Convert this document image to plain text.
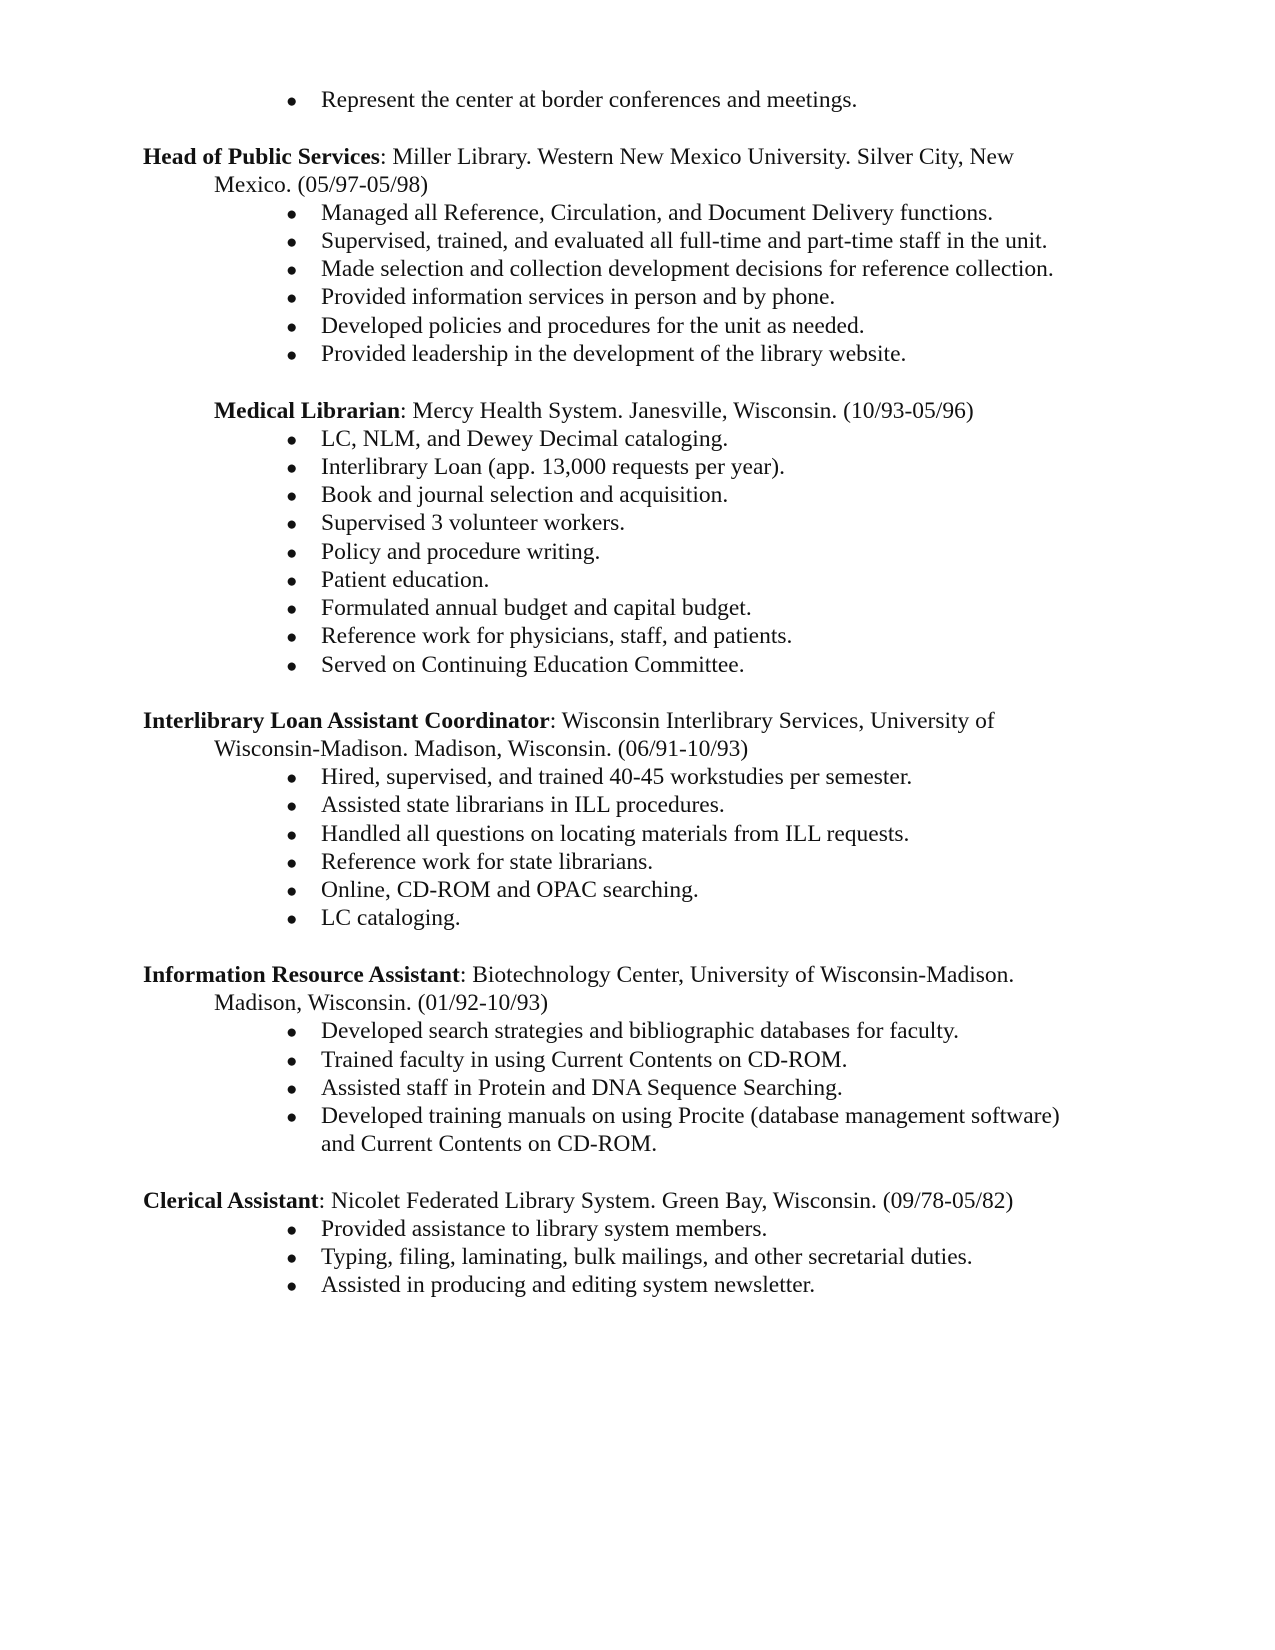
● Represent the center at border conferences and meetings.
Head of Public Services: Miller Library. Western New Mexico University. Silver City, New
Mexico. (05/97-05/98)
● Managed all Reference, Circulation, and Document Delivery functions.
● Supervised, trained, and evaluated all full-time and part-time staff in the unit.
● Made selection and collection development decisions for reference collection.
● Provided information services in person and by phone.
● Developed policies and procedures for the unit as needed.
● Provided leadership in the development of the library website.
Medical Librarian: Mercy Health System. Janesville, Wisconsin. (10/93-05/96)
● LC, NLM, and Dewey Decimal cataloging.
● Interlibrary Loan (app. 13,000 requests per year).
● Book and journal selection and acquisition.
● Supervised 3 volunteer workers.
● Policy and procedure writing.
● Patient education.
● Formulated annual budget and capital budget.
● Reference work for physicians, staff, and patients.
● Served on Continuing Education Committee.
Interlibrary Loan Assistant Coordinator: Wisconsin Interlibrary Services, University of
Wisconsin-Madison. Madison, Wisconsin. (06/91-10/93)
● Hired, supervised, and trained 40-45 workstudies per semester.
● Assisted state librarians in ILL procedures.
● Handled all questions on locating materials from ILL requests.
● Reference work for state librarians.
● Online, CD-ROM and OPAC searching.
● LC cataloging.
Information Resource Assistant: Biotechnology Center, University of Wisconsin-Madison.
Madison, Wisconsin. (01/92-10/93)
● Developed search strategies and bibliographic databases for faculty.
● Trained faculty in using Current Contents on CD-ROM.
● Assisted staff in Protein and DNA Sequence Searching.
● Developed training manuals on using Procite (database management software)
and Current Contents on CD-ROM.
Clerical Assistant: Nicolet Federated Library System. Green Bay, Wisconsin. (09/78-05/82)
● Provided assistance to library system members.
● Typing, filing, laminating, bulk mailings, and other secretarial duties.
● Assisted in producing and editing system newsletter.
